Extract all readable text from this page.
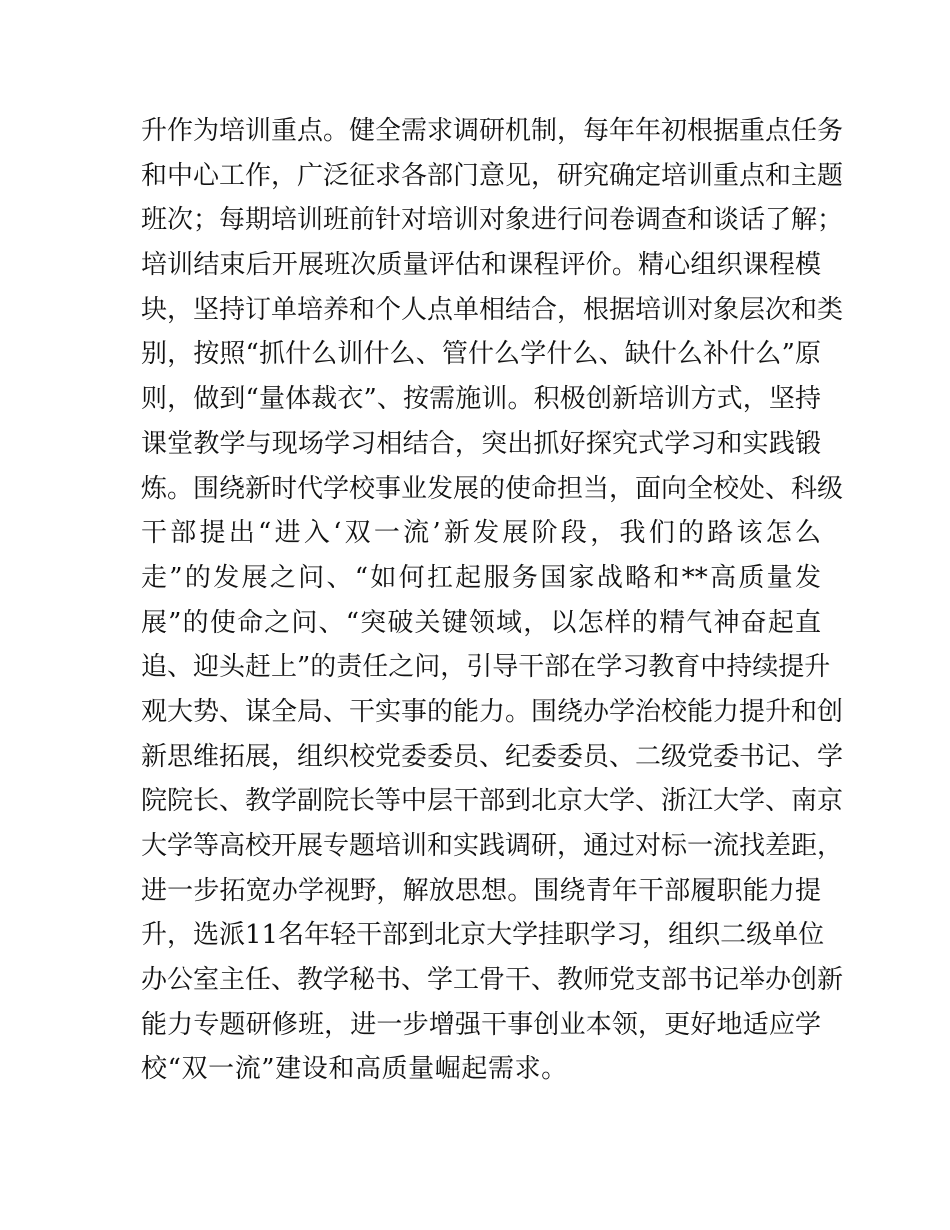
升作为培训重点。健全需求调研机制，每年年初根据重点任务
和中心工作，广泛征求各部门意见，研究确定培训重点和主题
班次；每期培训班前针对培训对象进行问卷调查和谈话了解；
培训结束后开展班次质量评估和课程评价。精心组织课程模
块，坚持订单培养和个人点单相结合，根据培训对象层次和类
别，按照“抓什么训什么、管什么学什么、缺什么补什么”原
则，做到“量体裁衣”、按需施训。积极创新培训方式，坚持
课堂教学与现场学习相结合，突出抓好探究式学习和实践锻
炼。围绕新时代学校事业发展的使命担当，面向全校处、科级
干部提出“进入‘双一流’新发展阶段，我们的路该怎么
走”的发展之问、“如何扛起服务国家战略和**高质量发
展”的使命之问、“突破关键领域，以怎样的精气神奋起直
追、迎头赶上”的责任之问，引导干部在学习教育中持续提升
观大势、谋全局、干实事的能力。围绕办学治校能力提升和创
新思维拓展，组织校党委委员、纪委委员、二级党委书记、学
院院长、教学副院长等中层干部到北京大学、浙江大学、南京
大学等高校开展专题培训和实践调研，通过对标一流找差距，
进一步拓宽办学视野，解放思想。围绕青年干部履职能力提
升，选派11名年轻干部到北京大学挂职学习，组织二级单位
办公室主任、教学秘书、学工骨干、教师党支部书记举办创新
能力专题研修班，进一步增强干事创业本领，更好地适应学
校“双一流”建设和高质量崛起需求。
